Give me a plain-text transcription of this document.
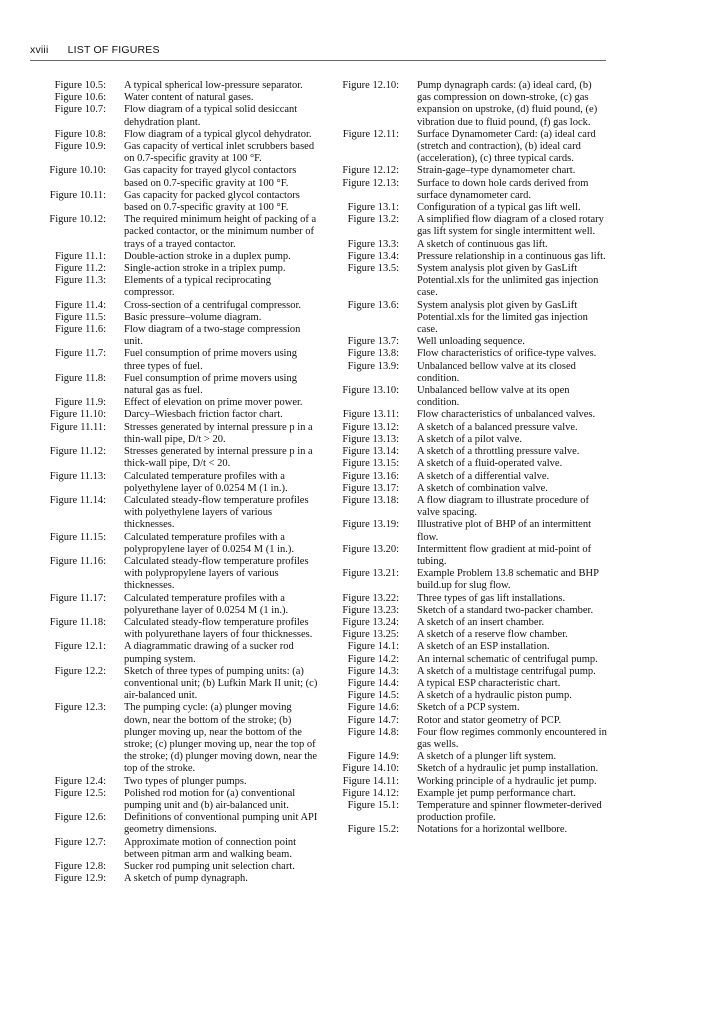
xviii LIST OF FIGURES
Figure 10.5: A typical spherical low-pressure separator.
Figure 10.6: Water content of natural gases.
Figure 10.7: Flow diagram of a typical solid desiccant dehydration plant.
Figure 10.8: Flow diagram of a typical glycol dehydrator.
Figure 10.9: Gas capacity of vertical inlet scrubbers based on 0.7-specific gravity at 100 °F.
Figure 10.10: Gas capacity for trayed glycol contactors based on 0.7-specific gravity at 100 °F.
Figure 10.11: Gas capacity for packed glycol contactors based on 0.7-specific gravity at 100 °F.
Figure 10.12: The required minimum height of packing of a packed contactor, or the minimum number of trays of a trayed contactor.
Figure 11.1: Double-action stroke in a duplex pump.
Figure 11.2: Single-action stroke in a triplex pump.
Figure 11.3: Elements of a typical reciprocating compressor.
Figure 11.4: Cross-section of a centrifugal compressor.
Figure 11.5: Basic pressure–volume diagram.
Figure 11.6: Flow diagram of a two-stage compression unit.
Figure 11.7: Fuel consumption of prime movers using three types of fuel.
Figure 11.8: Fuel consumption of prime movers using natural gas as fuel.
Figure 11.9: Effect of elevation on prime mover power.
Figure 11.10: Darcy–Wiesbach friction factor chart.
Figure 11.11: Stresses generated by internal pressure p in a thin-wall pipe, D/t > 20.
Figure 11.12: Stresses generated by internal pressure p in a thick-wall pipe, D/t < 20.
Figure 11.13: Calculated temperature profiles with a polyethylene layer of 0.0254 M (1 in.).
Figure 11.14: Calculated steady-flow temperature profiles with polyethylene layers of various thicknesses.
Figure 11.15: Calculated temperature profiles with a polypropylene layer of 0.0254 M (1 in.).
Figure 11.16: Calculated steady-flow temperature profiles with polypropylene layers of various thicknesses.
Figure 11.17: Calculated temperature profiles with a polyurethane layer of 0.0254 M (1 in.).
Figure 11.18: Calculated steady-flow temperature profiles with polyurethane layers of four thicknesses.
Figure 12.1: A diagrammatic drawing of a sucker rod pumping system.
Figure 12.2: Sketch of three types of pumping units: (a) conventional unit; (b) Lufkin Mark II unit; (c) air-balanced unit.
Figure 12.3: The pumping cycle: (a) plunger moving down, near the bottom of the stroke; (b) plunger moving up, near the bottom of the stroke; (c) plunger moving up, near the top of the stroke; (d) plunger moving down, near the top of the stroke.
Figure 12.4: Two types of plunger pumps.
Figure 12.5: Polished rod motion for (a) conventional pumping unit and (b) air-balanced unit.
Figure 12.6: Definitions of conventional pumping unit API geometry dimensions.
Figure 12.7: Approximate motion of connection point between pitman arm and walking beam.
Figure 12.8: Sucker rod pumping unit selection chart.
Figure 12.9: A sketch of pump dynagraph.
Figure 12.10: Pump dynagraph cards: (a) ideal card, (b) gas compression on down-stroke, (c) gas expansion on upstroke, (d) fluid pound, (e) vibration due to fluid pound, (f) gas lock.
Figure 12.11: Surface Dynamometer Card: (a) ideal card (stretch and contraction), (b) ideal card (acceleration), (c) three typical cards.
Figure 12.12: Strain-gage–type dynamometer chart.
Figure 12.13: Surface to down hole cards derived from surface dynamometer card.
Figure 13.1: Configuration of a typical gas lift well.
Figure 13.2: A simplified flow diagram of a closed rotary gas lift system for single intermittent well.
Figure 13.3: A sketch of continuous gas lift.
Figure 13.4: Pressure relationship in a continuous gas lift.
Figure 13.5: System analysis plot given by GasLift Potential.xls for the unlimited gas injection case.
Figure 13.6: System analysis plot given by GasLift Potential.xls for the limited gas injection case.
Figure 13.7: Well unloading sequence.
Figure 13.8: Flow characteristics of orifice-type valves.
Figure 13.9: Unbalanced bellow valve at its closed condition.
Figure 13.10: Unbalanced bellow valve at its open condition.
Figure 13.11: Flow characteristics of unbalanced valves.
Figure 13.12: A sketch of a balanced pressure valve.
Figure 13.13: A sketch of a pilot valve.
Figure 13.14: A sketch of a throttling pressure valve.
Figure 13.15: A sketch of a fluid-operated valve.
Figure 13.16: A sketch of a differential valve.
Figure 13.17: A sketch of combination valve.
Figure 13.18: A flow diagram to illustrate procedure of valve spacing.
Figure 13.19: Illustrative plot of BHP of an intermittent flow.
Figure 13.20: Intermittent flow gradient at mid-point of tubing.
Figure 13.21: Example Problem 13.8 schematic and BHP build.up for slug flow.
Figure 13.22: Three types of gas lift installations.
Figure 13.23: Sketch of a standard two-packer chamber.
Figure 13.24: A sketch of an insert chamber.
Figure 13.25: A sketch of a reserve flow chamber.
Figure 14.1: A sketch of an ESP installation.
Figure 14.2: An internal schematic of centrifugal pump.
Figure 14.3: A sketch of a multistage centrifugal pump.
Figure 14.4: A typical ESP characteristic chart.
Figure 14.5: A sketch of a hydraulic piston pump.
Figure 14.6: Sketch of a PCP system.
Figure 14.7: Rotor and stator geometry of PCP.
Figure 14.8: Four flow regimes commonly encountered in gas wells.
Figure 14.9: A sketch of a plunger lift system.
Figure 14.10: Sketch of a hydraulic jet pump installation.
Figure 14.11: Working principle of a hydraulic jet pump.
Figure 14.12: Example jet pump performance chart.
Figure 15.1: Temperature and spinner flowmeter-derived production profile.
Figure 15.2: Notations for a horizontal wellbore.
